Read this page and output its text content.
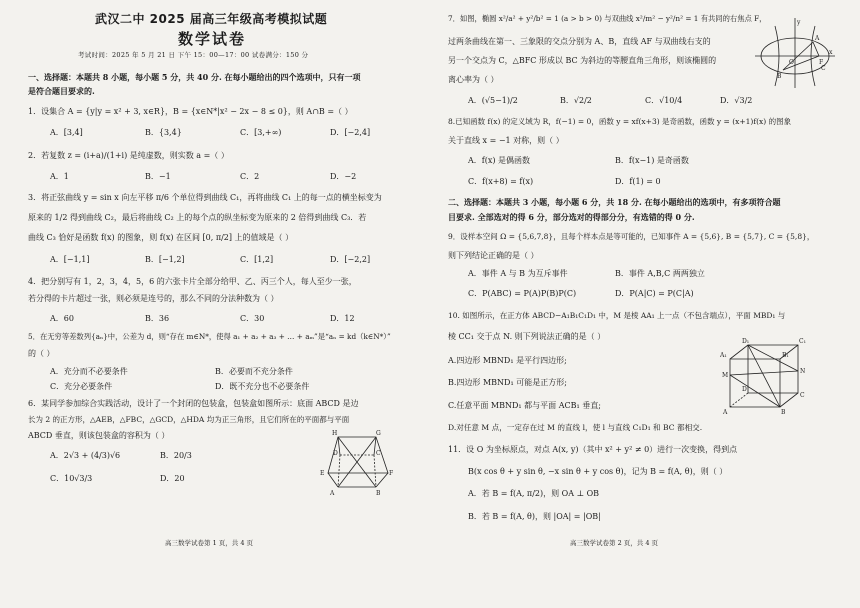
武汉二中 2025 届高三年级高考模拟试题
数学试卷
考试时间：2025 年 5 月 21 日 下午 15：00—17：00 试卷满分：150 分
一、选择题：本题共 8 小题，每小题 5 分，共 40 分. 在每小题给出的四个选项中，只有一项
是符合题目要求的.
1．设集合 A = {y|y = x² + 3, x∈R}，B = {x∈N*|x² − 2x − 8 ≤ 0}，则 A∩B =（ ）
A．[3,4]	B．{3,4}	C．[3,+∞)	D．[−2,4]
2．若复数 z = (i+a)/(1+i) 是纯虚数，则实数 a =（ ）
A．1	B．−1	C．2	D．−2
3．将正弦曲线 y = sin x 向左平移 π/6 个单位得到曲线 C₁，再将曲线 C₁ 上的每一点的横坐标变为
原来的 1/2 得到曲线 C₂，最后将曲线 C₂ 上的每个点的纵坐标变为原来的 2 倍得到曲线 C₃．若
曲线 C₃ 恰好是函数 f(x) 的图象，则 f(x) 在区间 [0, π/2] 上的值域是（ ）
A．[−1,1]	B．[−1,2]	C．[1,2]	D．[−2,2]
4．把分别写有 1，2，3，4，5，6 的六张卡片全部分给甲、乙、丙三个人，每人至少一张，
若分得的卡片超过一张，则必须是连号的，那么不同的分法种数为（ ）
A．60	B．36	C．30	D．12
5．在无穷等差数列{aₙ}中，公差为 d，则“存在 m∈N*，使得 a₁ + a₂ + a₃ + … + aₘ”是“aₙ = kd（k∈N*）”
的（ ）
A．充分而不必要条件	B．必要而不充分条件
C．充分必要条件	D．既不充分也不必要条件
6．某同学参加综合实践活动，设计了一个封闭的包装盒，包装盒如图所示：底面 ABCD 是边
长为 2 的正方形，△AEB，△FBC，△GCD，△HDA 均为正三角形，且它们所在的平面都与平面
ABCD 垂直，则该包装盒的容积为（ ）
A．2√3 + (4/3)√6	B．20/3
C．10√3/3	D．20
H	G
D	C
E	F
A	B
高三数学试卷第 1 页，共 4 页
7．如图，椭圆 x²/a² + y²/b² = 1 (a > b > 0) 与双曲线 x²/m² − y²/n² = 1 有共同的右焦点 F，
过两条曲线在第一、三象限的交点分别为 A、B，直线 AF 与双曲线右支的
另一个交点为 C，△BFC 形成以 BC 为斜边的等腰直角三角形，则该椭圆的
离心率为（ ）
A．(√5−1)/2	B．√2/2	C．√10/4	D．√3/2
y
x
A
B
C
F
O
8.已知函数 f(x) 的定义域为 R，f(−1) = 0，函数 y = xf(x+3) 是奇函数，函数 y = (x+1)f(x) 的图象
关于直线 x = −1 对称，则（ ）
A．f(x) 是偶函数	B．f(x−1) 是奇函数
C．f(x+8) = f(x)	D．f(1) = 0
二、选择题：本题共 3 小题，每小题 6 分，共 18 分. 在每小题给出的选项中，有多项符合题
目要求. 全部选对的得 6 分，部分选对的得部分分，有选错的得 0 分.
9．设样本空间 Ω = {5,6,7,8}，且每个样本点是等可能的，已知事件 A = {5,6}, B = {5,7}, C = {5,8}，
则下列结论正确的是（ ）
A．事件 A 与 B 为互斥事件	B．事件 A,B,C 两两独立
C．P(ABC) = P(A)P(B)P(C)	D．P(A|C) = P(C|A)
10. 如图所示，在正方体 ABCD−A₁B₁C₁D₁ 中，M 是棱 AA₁ 上一点（不包含端点），平面 MBD₁ 与
棱 CC₁ 交于点 N. 则下列说法正确的是（ ）
A.四边形 MBND₁ 是平行四边形;
B.四边形 MBND₁ 可能是正方形;
C.任意平面 MBND₁ 都与平面 ACB₁ 垂直;
D.对任意 M 点，一定存在过 M 的直线 l，使 l 与直线 C₁D₁ 和 BC 都相交.
D₁	C₁
A₁	B₁
M
N
D
C
A	B
11．设 O 为坐标原点，对点 A(x, y)（其中 x² + y² ≠ 0）进行一次变换，得到点
B(x cos θ + y sin θ, −x sin θ + y cos θ)，记为 B = f(A, θ)，则（ ）
A．若 B = f(A, π/2)，则 OA ⊥ OB
B．若 B = f(A, θ)，则 |OA| = |OB|
高三数学试卷第 2 页，共 4 页
